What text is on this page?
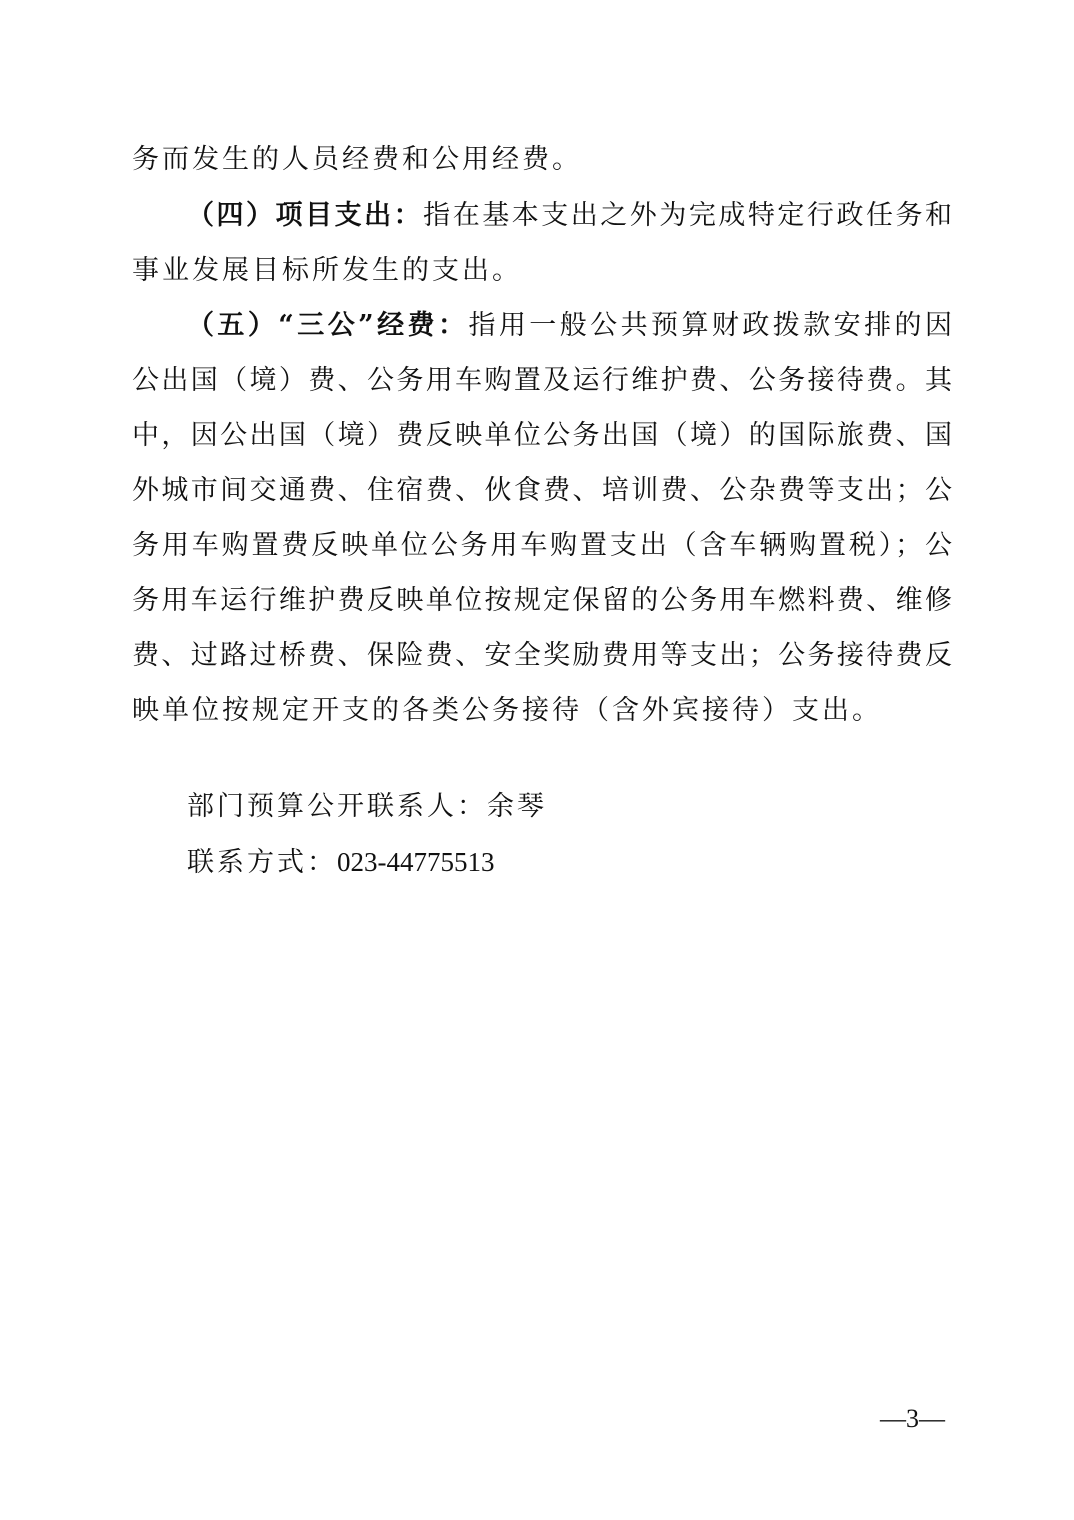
务而发生的人员经费和公用经费。
（四）项目支出：指在基本支出之外为完成特定行政任务和
事业发展目标所发生的支出。
（五）“三公”经费：指用一般公共预算财政拨款安排的因
公出国（境）费、公务用车购置及运行维护费、公务接待费。其
中，因公出国（境）费反映单位公务出国（境）的国际旅费、国
外城市间交通费、住宿费、伙食费、培训费、公杂费等支出；公
务用车购置费反映单位公务用车购置支出（含车辆购置税）；公
务用车运行维护费反映单位按规定保留的公务用车燃料费、维修
费、过路过桥费、保险费、安全奖励费用等支出；公务接待费反
映单位按规定开支的各类公务接待（含外宾接待）支出。
部门预算公开联系人：余琴
联系方式：023-44775513
—3—
